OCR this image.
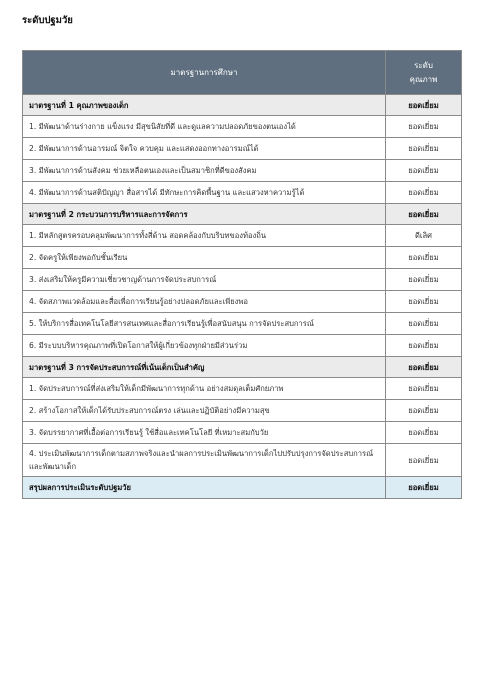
ระดับปฐมวัย
มาตรฐานการศึกษา	ระดับ
คุณภาพ
มาตรฐานที่ 1 คุณภาพของเด็ก	ยอดเยี่ยม
1. มีพัฒนาด้านร่างกาย แข็งแรง มีสุขนิสัยที่ดี และดูแลความปลอดภัยของตนเองได้	ยอดเยี่ยม
2. มีพัฒนาการด้านอารมณ์ จิตใจ ควบคุม และแสดงออกทางอารมณ์ได้	ยอดเยี่ยม
3. มีพัฒนาการด้านสังคม ช่วยเหลือตนเองและเป็นสมาชิกที่ดีของสังคม	ยอดเยี่ยม
4. มีพัฒนาการด้านสติปัญญา สื่อสารได้ มีทักษะการคิดพื้นฐาน และแสวงหาความรู้ได้	ยอดเยี่ยม
มาตรฐานที่ 2 กระบวนการบริหารและการจัดการ	ยอดเยี่ยม
1. มีหลักสูตรครอบคลุมพัฒนาการทั้งสี่ด้าน สอดคล้องกับบริบทของท้องถิ่น	ดีเลิศ
2. จัดครูให้เพียงพอกับชั้นเรียน	ยอดเยี่ยม
3. ส่งเสริมให้ครูมีความเชี่ยวชาญด้านการจัดประสบการณ์	ยอดเยี่ยม
4. จัดสภาพแวดล้อมและสื่อเพื่อการเรียนรู้อย่างปลอดภัยและเพียงพอ	ยอดเยี่ยม
5. ให้บริการสื่อเทคโนโลยีสารสนเทศและสื่อการเรียนรู้เพื่อสนับสนุน การจัดประสบการณ์	ยอดเยี่ยม
6. มีระบบบริหารคุณภาพที่เปิดโอกาสให้ผู้เกี่ยวข้องทุกฝ่ายมีส่วนร่วม	ยอดเยี่ยม
มาตรฐานที่ 3 การจัดประสบการณ์ที่เน้นเด็กเป็นสำคัญ	ยอดเยี่ยม
1. จัดประสบการณ์ที่ส่งเสริมให้เด็กมีพัฒนาการทุกด้าน อย่างสมดุลเต็มศักยภาพ	ยอดเยี่ยม
2. สร้างโอกาสให้เด็กได้รับประสบการณ์ตรง เล่นและปฏิบัติอย่างมีความสุข	ยอดเยี่ยม
3. จัดบรรยากาศที่เอื้อต่อการเรียนรู้ ใช้สื่อและเทคโนโลยี ที่เหมาะสมกับวัย	ยอดเยี่ยม
4. ประเมินพัฒนาการเด็กตามสภาพจริงและนำผลการประเมินพัฒนาการเด็กไปปรับปรุงการจัดประสบการณ์และพัฒนาเด็ก	ยอดเยี่ยม
สรุปผลการประเมินระดับปฐมวัย	ยอดเยี่ยม
